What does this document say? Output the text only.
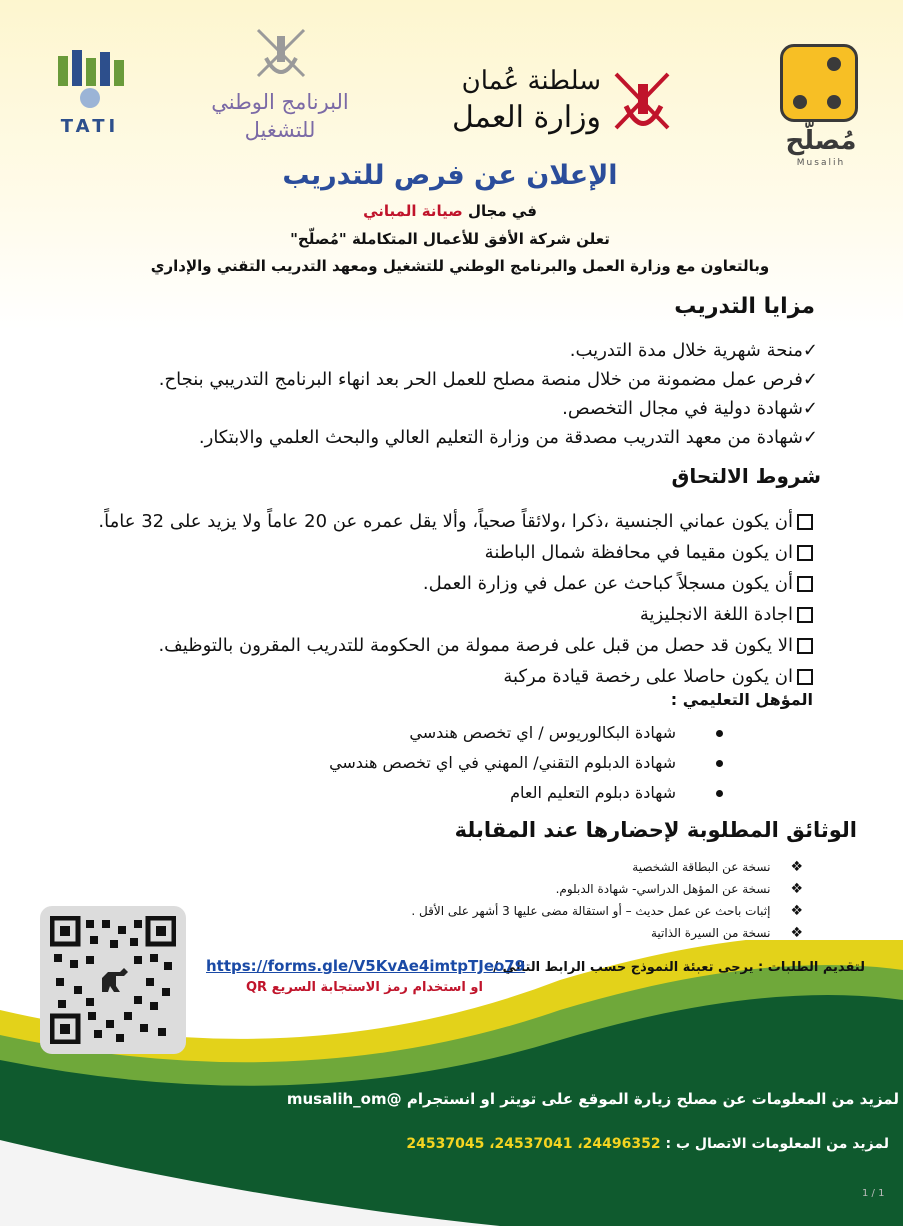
مُصلّح
Musalih
سلطنة عُمان
وزارة العمل
البرنامج الوطني
للتشغيل
TATI
الإعلان عن فرص للتدريب
في مجال صيانة المباني
تعلن شركة الأفق للأعمال المتكاملة "مُصلّح"
وبالتعاون مع وزارة العمل والبرنامج الوطني للتشغيل ومعهد التدريب التقني والإداري
مزايا التدريب
✓منحة شهرية خلال مدة التدريب.
✓فرص عمل مضمونة من خلال منصة مصلح للعمل الحر بعد انهاء البرنامج التدريبي بنجاح.
✓شهادة دولية في مجال التخصص.
✓شهادة من معهد التدريب مصدقة من وزارة التعليم العالي والبحث العلمي والابتكار.
شروط الالتحاق
أن يكون عماني الجنسية ،ذكرا ،ولائقاً صحياً، وألا يقل عمره عن 20 عاماً ولا يزيد على 32 عاماً.
ان يكون مقيما في محافظة شمال الباطنة
أن يكون مسجلاً كباحث عن عمل في وزارة العمل.
اجادة اللغة الانجليزية
الا يكون قد حصل من قبل على فرصة ممولة من الحكومة للتدريب المقرون بالتوظيف.
ان يكون حاصلا على رخصة قيادة مركبة
المؤهل التعليمي :
شهادة البكالوريوس / اي تخصص هندسي
شهادة الدبلوم التقني/ المهني في اي تخصص هندسي
شهادة دبلوم التعليم العام
الوثائق المطلوبة لإحضارها عند المقابلة
❖نسخة عن البطاقة الشخصية
❖نسخة عن المؤهل الدراسي- شهادة الدبلوم.
❖إثبات باحث عن عمل حديث – أو استقالة مضى عليها 3 أشهر على الأقل .
❖نسخة من السيرة الذاتية
لتقديم الطلبات : يرجى تعبئة النموذج حسب الرابط التالي /
https://forms.gle/V5KvAe4imtpTJeo79
او استخدام رمز الاستجابة السريع QR
لمزيد من المعلومات عن مصلح زيارة الموقع على تويتر او انستجرام @musalih_om
لمزيد من المعلومات الاتصال ب : 24496352، 24537041، 24537045
1 / 1
